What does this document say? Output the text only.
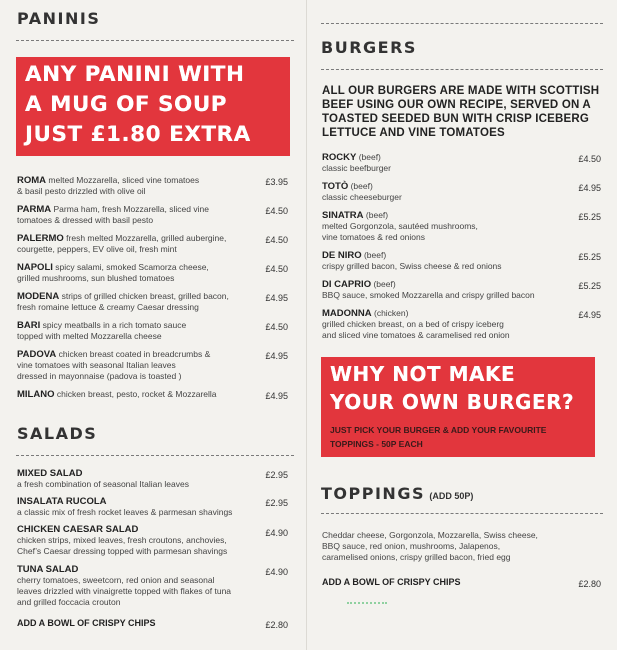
PANINIS
ANY PANINI WITH
A MUG OF SOUP
JUST £1.80 EXTRA
ROMA melted Mozzarella, sliced vine tomatoes
& basil pesto drizzled with olive oil
£3.95
PARMA Parma ham, fresh Mozzarella, sliced vine
tomatoes & dressed with basil pesto
£4.50
PALERMO fresh melted Mozzarella, grilled aubergine,
courgette, peppers, EV olive oil, fresh mint
£4.50
NAPOLI spicy salami, smoked Scamorza cheese,
grilled mushrooms, sun blushed tomatoes
£4.50
MODENA strips of grilled chicken breast, grilled bacon,
fresh romaine lettuce & creamy Caesar dressing
£4.95
BARI spicy meatballs in a rich tomato sauce
topped with melted Mozzarella cheese
£4.50
PADOVA chicken breast coated in breadcrumbs &
vine tomatoes with seasonal Italian leaves
dressed in mayonnaise (padova is toasted )
£4.95
MILANO chicken breast, pesto, rocket & Mozzarella	£4.95
SALADS
MIXED SALAD
a fresh combination of seasonal Italian leaves
£2.95
INSALATA RUCOLA
a classic mix of fresh rocket leaves & parmesan shavings
£2.95
CHICKEN CAESAR SALAD
chicken strips, mixed leaves, fresh croutons, anchovies,
Chef’s Caesar dressing topped with parmesan shavings
£4.90
TUNA SALAD
cherry tomatoes, sweetcorn, red onion and seasonal
leaves drizzled with vinaigrette topped with flakes of tuna
and grilled foccacia crouton
£4.90
ADD A BOWL OF CRISPY CHIPS	£2.80
BURGERS
ALL OUR BURGERS ARE MADE WITH SCOTTISH
BEEF USING OUR OWN RECIPE, SERVED ON A
TOASTED SEEDED BUN WITH CRISP ICEBERG
LETTUCE AND VINE TOMATOES
ROCKY (beef)
classic beefburger
£4.50
TOTÒ (beef)
classic cheeseburger
£4.95
SINATRA (beef)
melted Gorgonzola, sautéed mushrooms,
vine tomatoes & red onions
£5.25
DE NIRO (beef)
crispy grilled bacon, Swiss cheese & red onions
£5.25
DI CAPRIO (beef)
BBQ sauce, smoked Mozzarella and crispy grilled bacon
£5.25
MADONNA (chicken)
grilled chicken breast, on a bed of crispy iceberg
and sliced vine tomatoes & caramelised red onion
£4.95
WHY NOT MAKE
YOUR OWN BURGER?
JUST PICK YOUR BURGER & ADD YOUR FAVOURITE
TOPPINGS - 50P EACH
TOPPINGS (ADD 50P)
Cheddar cheese, Gorgonzola, Mozzarella, Swiss cheese,
BBQ sauce, red onion, mushrooms, Jalapenos,
caramelised onions, crispy grilled bacon, fried egg
ADD A BOWL OF CRISPY CHIPS	£2.80
